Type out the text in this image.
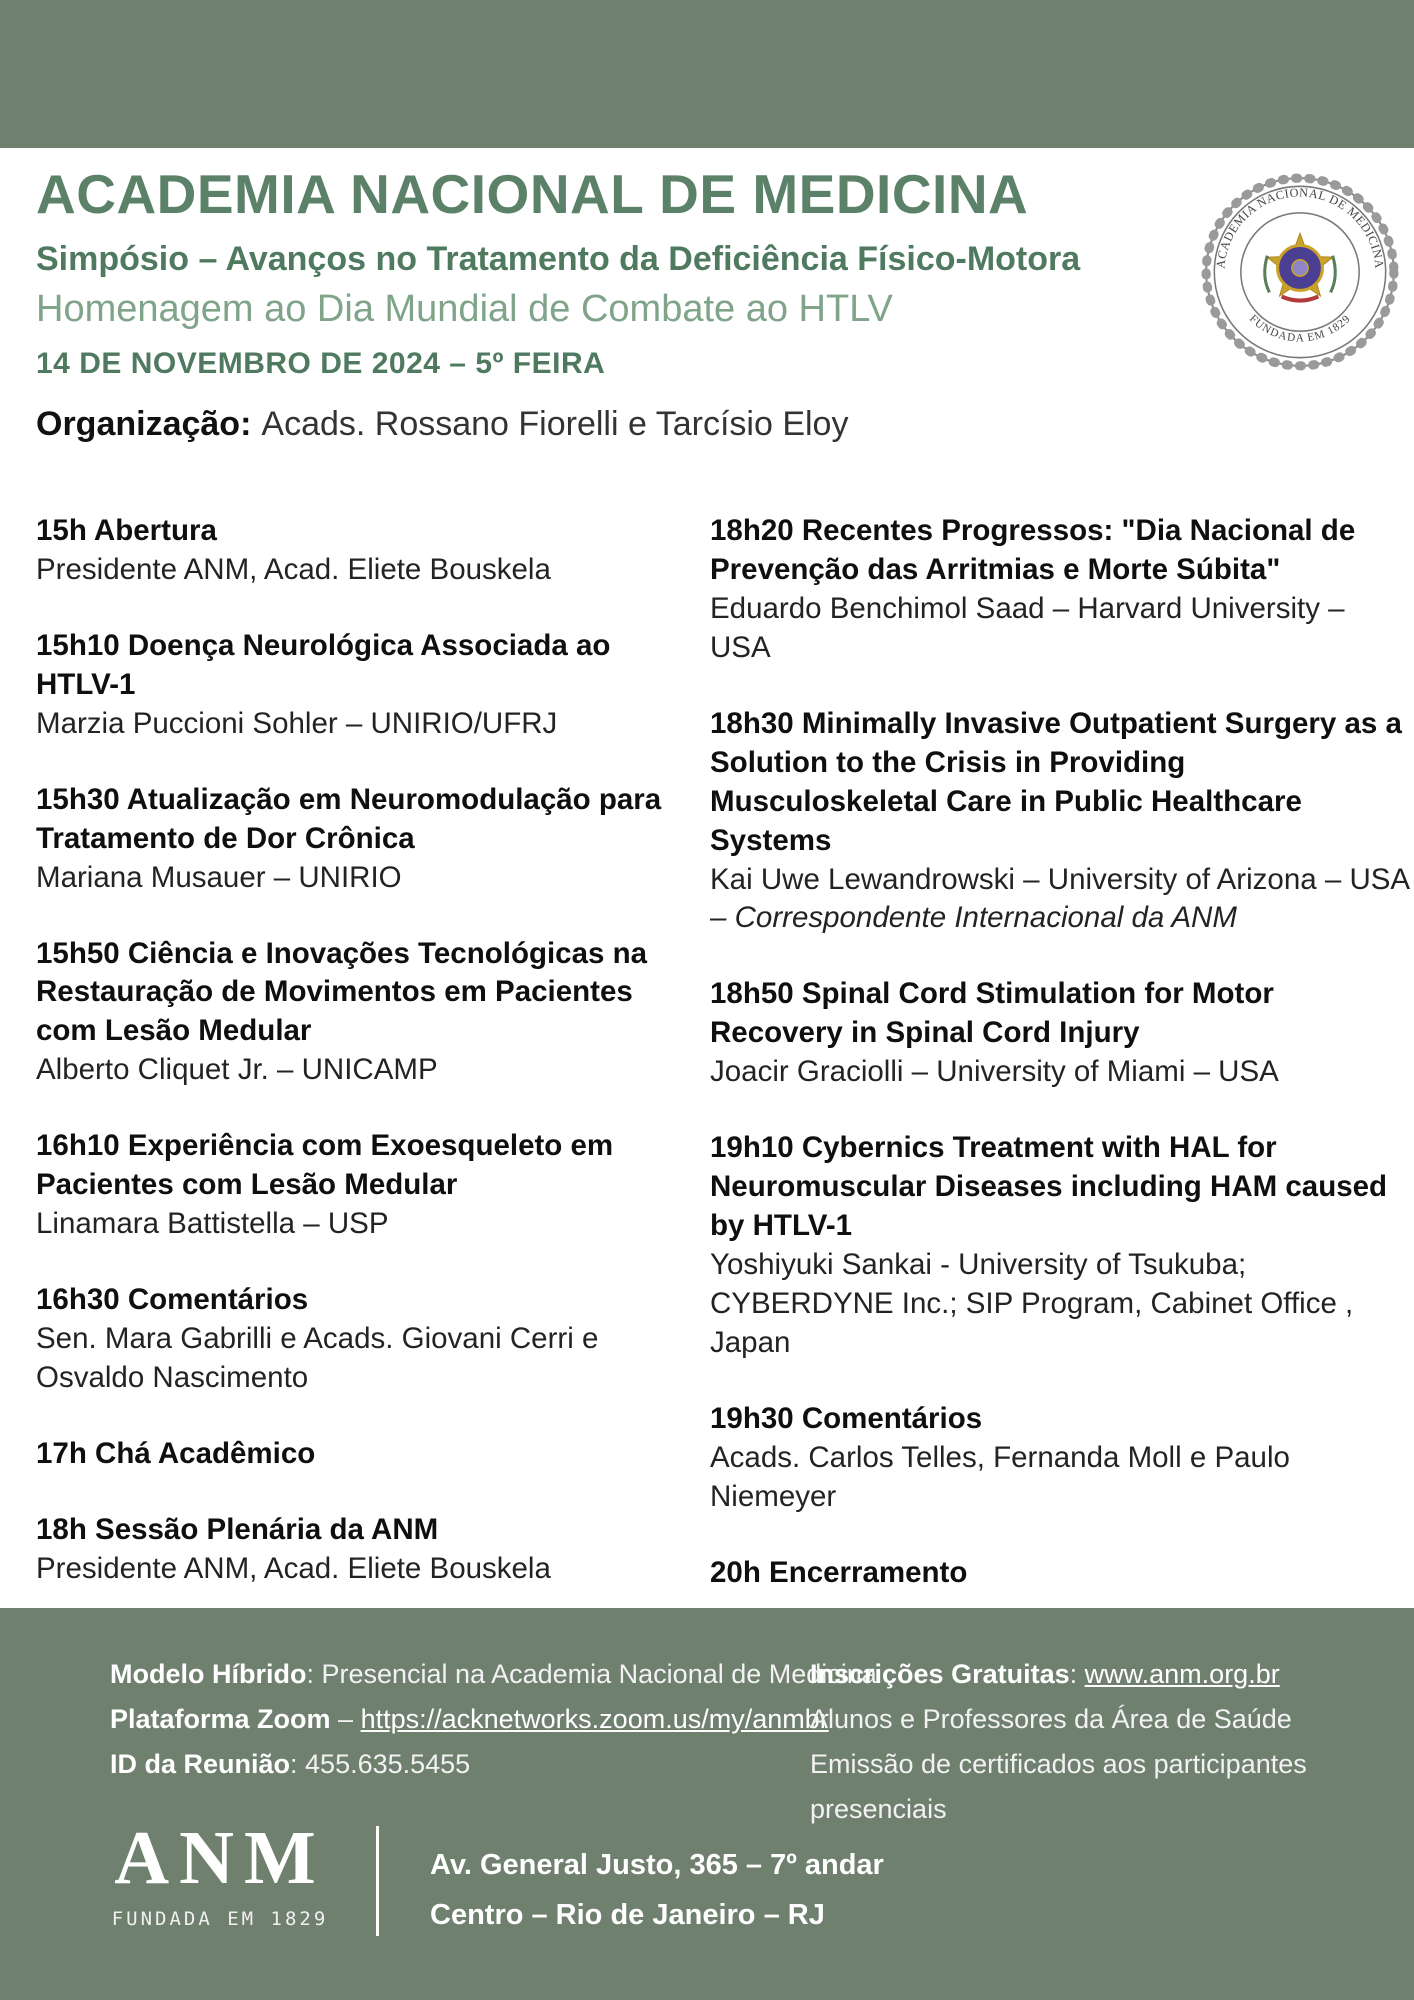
ACADEMIA NACIONAL DE MEDICINA
Simpósio – Avanços no Tratamento da Deficiência Físico-Motora
Homenagem ao Dia Mundial de Combate ao HTLV
14 DE NOVEMBRO DE 2024 – 5º FEIRA
Organização: Acads. Rossano Fiorelli e Tarcísio Eloy
ACADEMIA NACIONAL DE MEDICINA
FUNDADA EM 1829
15h Abertura
Presidente ANM, Acad. Eliete Bouskela
15h10 Doença Neurológica Associada ao HTLV-1
Marzia Puccioni Sohler – UNIRIO/UFRJ
15h30 Atualização em Neuromodulação para Tratamento de Dor Crônica
Mariana Musauer – UNIRIO
15h50 Ciência e Inovações Tecnológicas na Restauração de Movimentos em Pacientes com Lesão Medular
Alberto Cliquet Jr. – UNICAMP
16h10 Experiência com Exoesqueleto em Pacientes com Lesão Medular
Linamara Battistella – USP
16h30 Comentários
Sen. Mara Gabrilli e Acads. Giovani Cerri e Osvaldo Nascimento
17h Chá Acadêmico
18h Sessão Plenária da ANM
Presidente ANM, Acad. Eliete Bouskela
18h20 Recentes Progressos: "Dia Nacional de Prevenção das Arritmias e Morte Súbita"
Eduardo Benchimol Saad – Harvard University – USA
18h30 Minimally Invasive Outpatient Surgery as a Solution to the Crisis in Providing Musculoskeletal Care in Public Healthcare Systems
Kai Uwe Lewandrowski – University of Arizona – USA
– Correspondente Internacional da ANM
18h50 Spinal Cord Stimulation for Motor Recovery in Spinal Cord Injury
Joacir Graciolli – University of Miami – USA
19h10 Cybernics Treatment with HAL for Neuromuscular Diseases including HAM caused by HTLV-1
Yoshiyuki Sankai - University of Tsukuba; CYBERDYNE Inc.; SIP Program, Cabinet Office , Japan
19h30 Comentários
Acads. Carlos Telles, Fernanda Moll e Paulo Niemeyer
20h Encerramento
Modelo Híbrido: Presencial na Academia Nacional de Medicina
Plataforma Zoom – https://acknetworks.zoom.us/my/anmbr
ID da Reunião: 455.635.5455
Inscrições Gratuitas: www.anm.org.br
Alunos e Professores da Área de Saúde
Emissão de certificados aos participantes presenciais
ANM
FUNDADA EM 1829
Av. General Justo, 365 – 7º andar
Centro – Rio de Janeiro – RJ
